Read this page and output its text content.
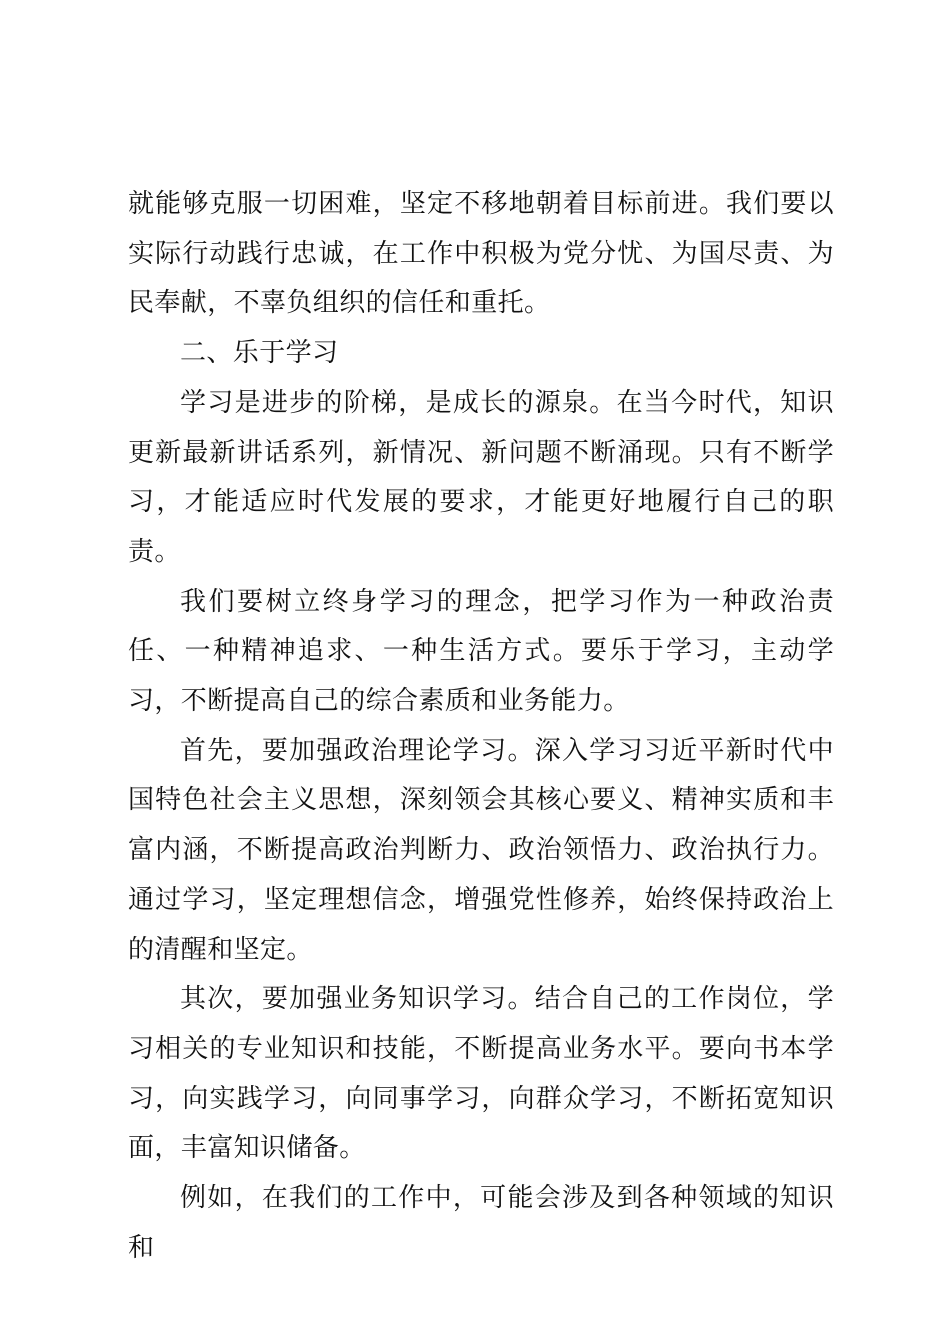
就能够克服一切困难，坚定不移地朝着目标前进。我们要以实际行动践行忠诚，在工作中积极为党分忧、为国尽责、为民奉献，不辜负组织的信任和重托。

二、乐于学习

学习是进步的阶梯，是成长的源泉。在当今时代，知识更新最新讲话系列，新情况、新问题不断涌现。只有不断学习，才能适应时代发展的要求，才能更好地履行自己的职责。

我们要树立终身学习的理念，把学习作为一种政治责任、一种精神追求、一种生活方式。要乐于学习，主动学习，不断提高自己的综合素质和业务能力。

首先，要加强政治理论学习。深入学习习近平新时代中国特色社会主义思想，深刻领会其核心要义、精神实质和丰富内涵，不断提高政治判断力、政治领悟力、政治执行力。通过学习，坚定理想信念，增强党性修养，始终保持政治上的清醒和坚定。

其次，要加强业务知识学习。结合自己的工作岗位，学习相关的专业知识和技能，不断提高业务水平。要向书本学习，向实践学习，向同事学习，向群众学习，不断拓宽知识面，丰富知识储备。

例如，在我们的工作中，可能会涉及到各种领域的知识和
